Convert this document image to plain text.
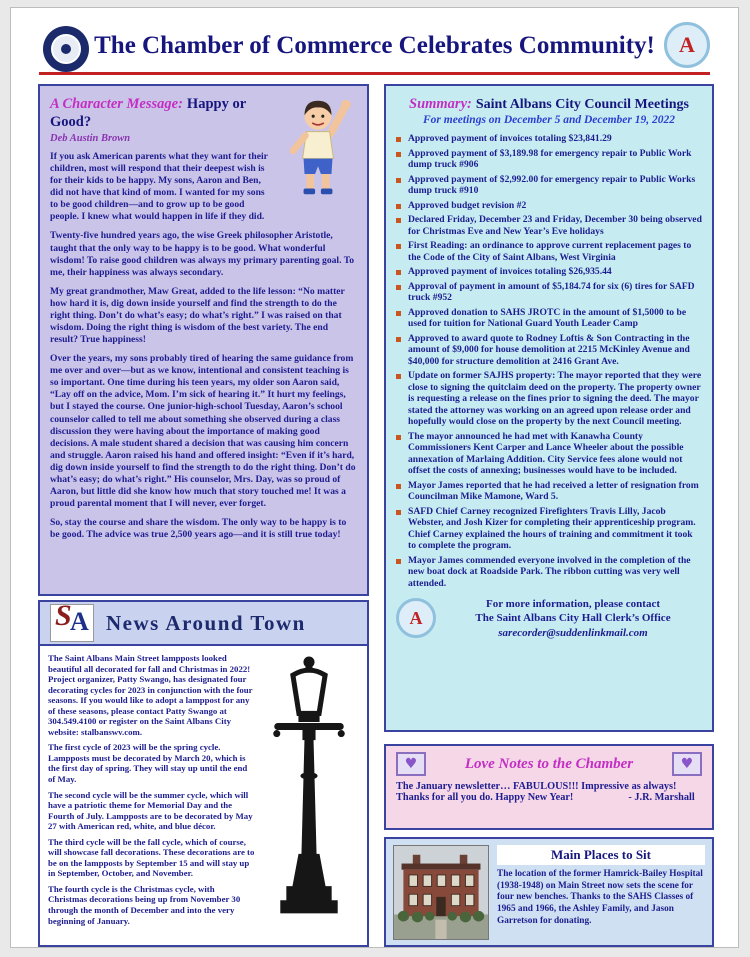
The Chamber of Commerce Celebrates Community!	A
A Character Message: Happy or Good?
Deb Austin Brown

If you ask American parents what they want for their children, most will respond that their deepest wish is for their kids to be happy. My sons, Aaron and Ben, did not have that kind of mom. I wanted for my sons to be good children—and to grow up to be good people. I knew what would happen in life if they did.

Twenty-five hundred years ago, the wise Greek philosopher Aristotle, taught that the only way to be happy is to be good. What wonderful wisdom! To raise good children was always my primary parenting goal. To me, their happiness was always secondary.

My great grandmother, Maw Great, added to the life lesson: “No matter how hard it is, dig down inside yourself and find the strength to do the right thing. Don’t do what’s easy; do what’s right.” I was raised on that wisdom. Doing the right thing is wisdom of the best variety. The end result? True happiness!

Over the years, my sons probably tired of hearing the same guidance from me over and over—but as we know, intentional and consistent teaching is so important. One time during his teen years, my older son Aaron said, “Lay off on the advice, Mom. I’m sick of hearing it.” It hurt my feelings, but I stayed the course. One junior-high-school Tuesday, Aaron’s school counselor called to tell me about something she observed during a class discussion they were having about the importance of making good decisions. A male student shared a decision that was causing him concern and struggle. Aaron raised his hand and offered insight: “Even if it’s hard, dig down inside yourself to find the strength to do the right thing. Don’t do what’s easy; do what’s right.” His counselor, Mrs. Day, was so proud of Aaron, but little did she know how much that story touched me! It was a proud parental moment that I will never, ever forget.

So, stay the course and share the wisdom. The only way to be happy is to be good. The advice was true 2,500 years ago—and it is still true today!

S
A News Around Town

The Saint Albans Main Street lampposts looked beautiful all decorated for fall and Christmas in 2022! Project organizer, Patty Swango, has designated four decorating cycles for 2023 in conjunction with the four seasons. If you would like to adopt a lamppost for any of these seasons, please contact Patty Swango at 304.549.4100 or register on the Saint Albans City website: stalbanswv.com.

The first cycle of 2023 will be the spring cycle. Lampposts must be decorated by March 20, which is the first day of spring. They will stay up until the end of May.

The second cycle will be the summer cycle, which will have a patriotic theme for Memorial Day and the Fourth of July. Lampposts are to be decorated by May 27 with American red, white, and blue décor.

The third cycle will be the fall cycle, which of course, will showcase fall decorations. These decorations are to be on the lampposts by September 15 and will stay up in September, October, and November.

The fourth cycle is the Christmas cycle, with Christmas decorations being up from November 30 through the month of December and into the very beginning of January.

Summary: Saint Albans City Council Meetings
For meetings on December 5 and December 19, 2022
Approved payment of invoices totaling $23,841.29
Approved payment of $3,189.98 for emergency repair to Public Work dump truck #906
Approved payment of $2,992.00 for emergency repair to Public Works dump truck #910
Approved budget revision #2
Declared Friday, December 23 and Friday, December 30 being observed for Christmas Eve and New Year’s Eve holidays
First Reading: an ordinance to approve current replacement pages to the Code of the City of Saint Albans, West Virginia
Approved payment of invoices totaling $26,935.44
Approval of payment in amount of $5,184.74 for six (6) tires for SAFD truck #952
Approved donation to SAHS JROTC in the amount of $1,5000 to be used for tuition for National Guard Youth Leader Camp
Approved to award quote to Rodney Loftis & Son Contracting in the amount of $9,000 for house demolition at 2215 McKinley Avenue and $40,000 for structure demolition at 2416 Grant Ave.
Update on former SAJHS property: The mayor reported that they were close to signing the quitclaim deed on the property. The property owner is requesting a release on the fines prior to signing the deed. The mayor stated the attorney was working on an agreed upon release order and hopefully would close on the property by the next Council meeting.
The mayor announced he had met with Kanawha County Commissioners Kent Carper and Lance Wheeler about the possible annexation of Marlaing Addition. City Service fees alone would not offset the costs of annexing; businesses would have to be included.
Mayor James reported that he had received a letter of resignation from Councilman Mike Mamone, Ward 5.
SAFD Chief Carney recognized Firefighters Travis Lilly, Jacob Webster, and Josh Kizer for completing their apprenticeship program. Chief Carney explained the hours of training and commitment it took to complete the program.
Mayor James commended everyone involved in the completion of the new boat dock at Roadside Park. The ribbon cutting was very well attended.
A
For more information, please contact
The Saint Albans City Hall Clerk’s Office
sarecorder@suddenlinkmail.com
♥	Love Notes to the Chamber	♥
The January newsletter… FABULOUS!!! Impressive as always!
Thanks for all you do. Happy New Year!	- J.R. Marshall
Main Places to Sit
The location of the former Hamrick-Bailey Hospital (1938-1948) on Main Street now sets the scene for four new benches. Thanks to the SAHS Classes of 1965 and 1966, the Ashley Family, and Jason Garretson for donating.
